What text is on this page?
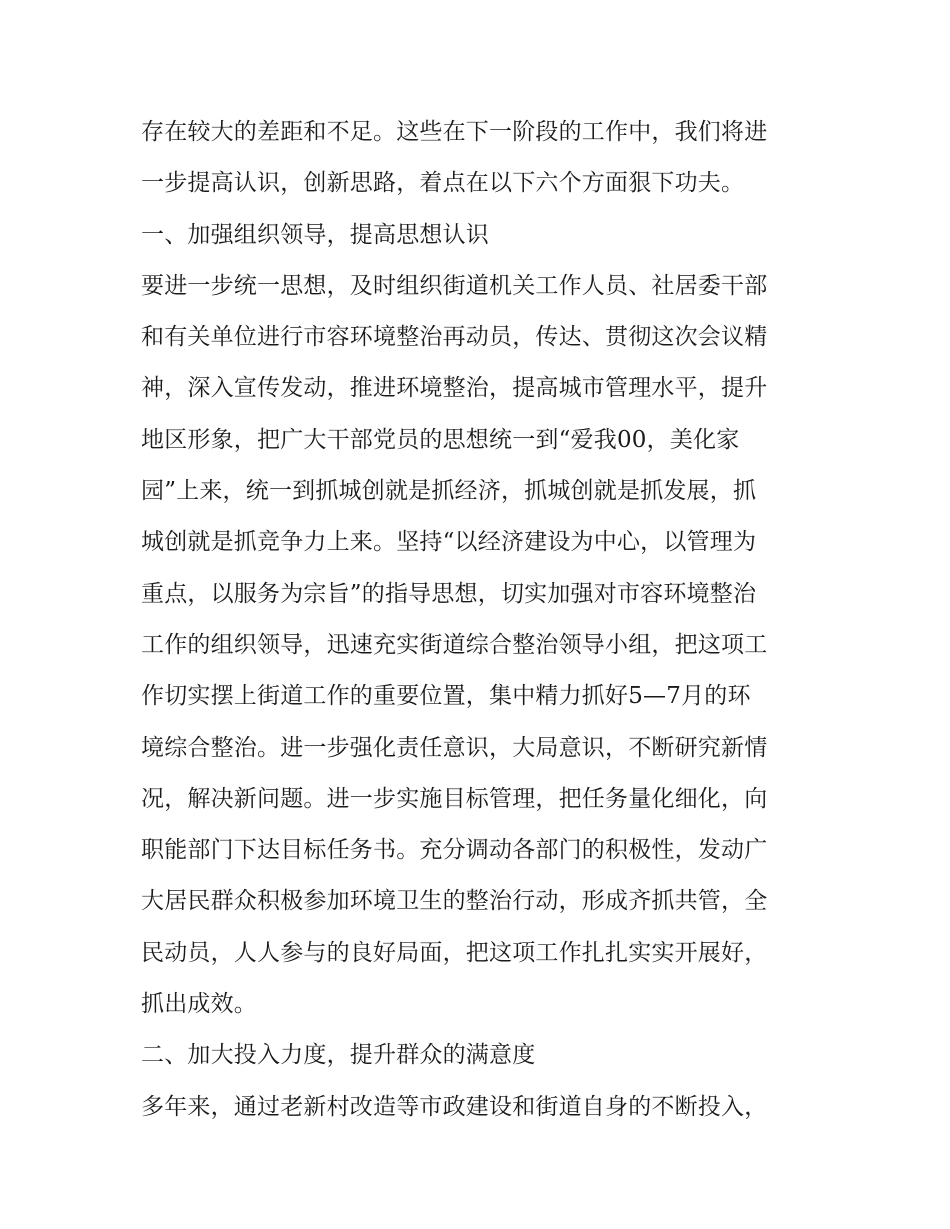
存在较大的差距和不足。这些在下一阶段的工作中，我们将进
一步提高认识，创新思路，着点在以下六个方面狠下功夫。
一、加强组织领导，提高思想认识
要进一步统一思想，及时组织街道机关工作人员、社居委干部
和有关单位进行市容环境整治再动员，传达、贯彻这次会议精
神，深入宣传发动，推进环境整治，提高城市管理水平，提升
地区形象，把广大干部党员的思想统一到“爱我00，美化家
园”上来，统一到抓城创就是抓经济，抓城创就是抓发展，抓
城创就是抓竞争力上来。坚持“以经济建设为中心，以管理为
重点，以服务为宗旨”的指导思想，切实加强对市容环境整治
工作的组织领导，迅速充实街道综合整治领导小组，把这项工
作切实摆上街道工作的重要位置，集中精力抓好5—7月的环
境综合整治。进一步强化责任意识，大局意识，不断研究新情
况，解决新问题。进一步实施目标管理，把任务量化细化，向
职能部门下达目标任务书。充分调动各部门的积极性，发动广
大居民群众积极参加环境卫生的整治行动，形成齐抓共管，全
民动员，人人参与的良好局面，把这项工作扎扎实实开展好，
抓出成效。
二、加大投入力度，提升群众的满意度
多年来，通过老新村改造等市政建设和街道自身的不断投入，
